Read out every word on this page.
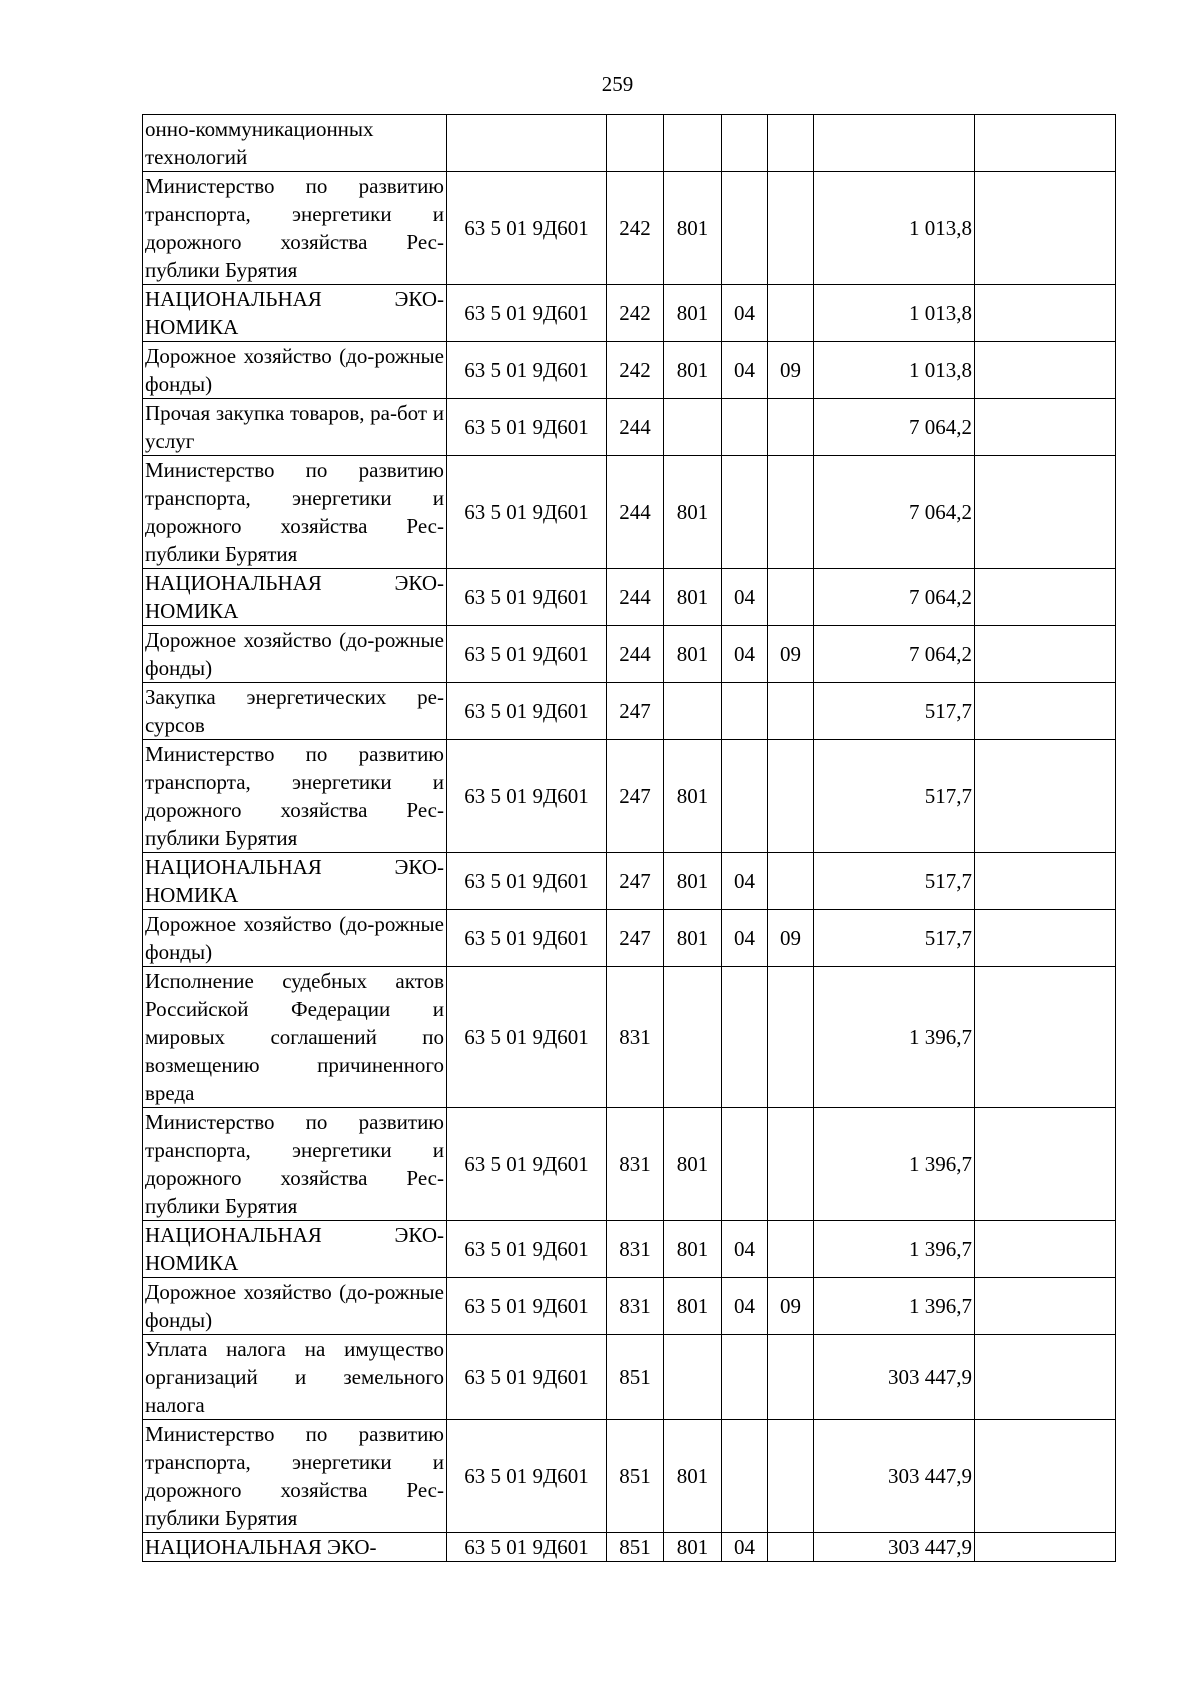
259
онно-коммуникационных технологий							
Министерство по развитию транспорта, энергетики и дорожного хозяйства Рес-публики Бурятия	63 5 01 9Д601	242	801			1 013,8	
НАЦИОНАЛЬНАЯ ЭКО-НОМИКА	63 5 01 9Д601	242	801	04		1 013,8	
Дорожное хозяйство (до-рожные фонды)	63 5 01 9Д601	242	801	04	09	1 013,8	
Прочая закупка товаров, ра-бот и услуг	63 5 01 9Д601	244				7 064,2	
Министерство по развитию транспорта, энергетики и дорожного хозяйства Рес-публики Бурятия	63 5 01 9Д601	244	801			7 064,2	
НАЦИОНАЛЬНАЯ ЭКО-НОМИКА	63 5 01 9Д601	244	801	04		7 064,2	
Дорожное хозяйство (до-рожные фонды)	63 5 01 9Д601	244	801	04	09	7 064,2	
Закупка энергетических ре-сурсов	63 5 01 9Д601	247				517,7	
Министерство по развитию транспорта, энергетики и дорожного хозяйства Рес-публики Бурятия	63 5 01 9Д601	247	801			517,7	
НАЦИОНАЛЬНАЯ ЭКО-НОМИКА	63 5 01 9Д601	247	801	04		517,7	
Дорожное хозяйство (до-рожные фонды)	63 5 01 9Д601	247	801	04	09	517,7	
Исполнение судебных актов Российской Федерации и мировых соглашений по возмещению причиненного вреда	63 5 01 9Д601	831				1 396,7	
Министерство по развитию транспорта, энергетики и дорожного хозяйства Рес-публики Бурятия	63 5 01 9Д601	831	801			1 396,7	
НАЦИОНАЛЬНАЯ ЭКО-НОМИКА	63 5 01 9Д601	831	801	04		1 396,7	
Дорожное хозяйство (до-рожные фонды)	63 5 01 9Д601	831	801	04	09	1 396,7	
Уплата налога на имущество организаций и земельного налога	63 5 01 9Д601	851				303 447,9	
Министерство по развитию транспорта, энергетики и дорожного хозяйства Рес-публики Бурятия	63 5 01 9Д601	851	801			303 447,9	
НАЦИОНАЛЬНАЯ ЭКО-	63 5 01 9Д601	851	801	04		303 447,9	
